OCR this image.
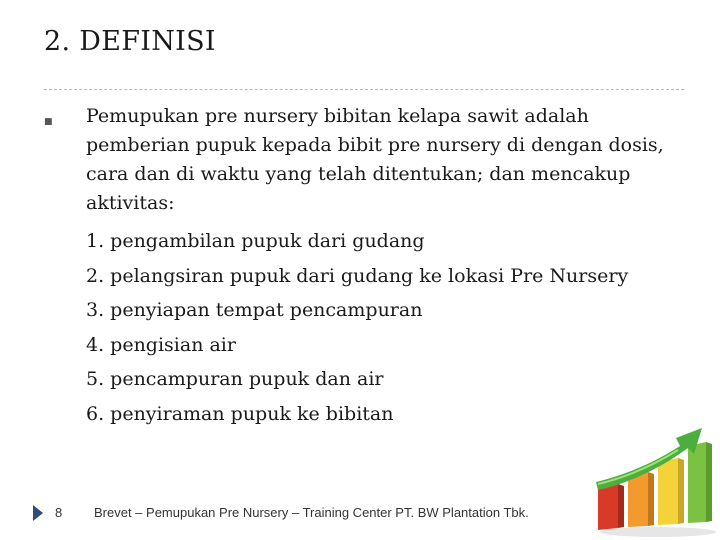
2. DEFINISI
■ Pemupukan pre nursery bibitan kelapa sawit adalah pemberian pupuk kepada bibit pre nursery di dengan dosis, cara dan di waktu yang telah ditentukan; dan mencakup aktivitas:

1. pengambilan pupuk dari gudang
2. pelangsiran pupuk dari gudang ke lokasi Pre Nursery
3. penyiapan tempat pencampuran
4. pengisian air
5. pencampuran pupuk dan air
6. penyiraman pupuk ke bibitan
8 Brevet – Pemupukan Pre Nursery – Training Center PT. BW Plantation Tbk.
